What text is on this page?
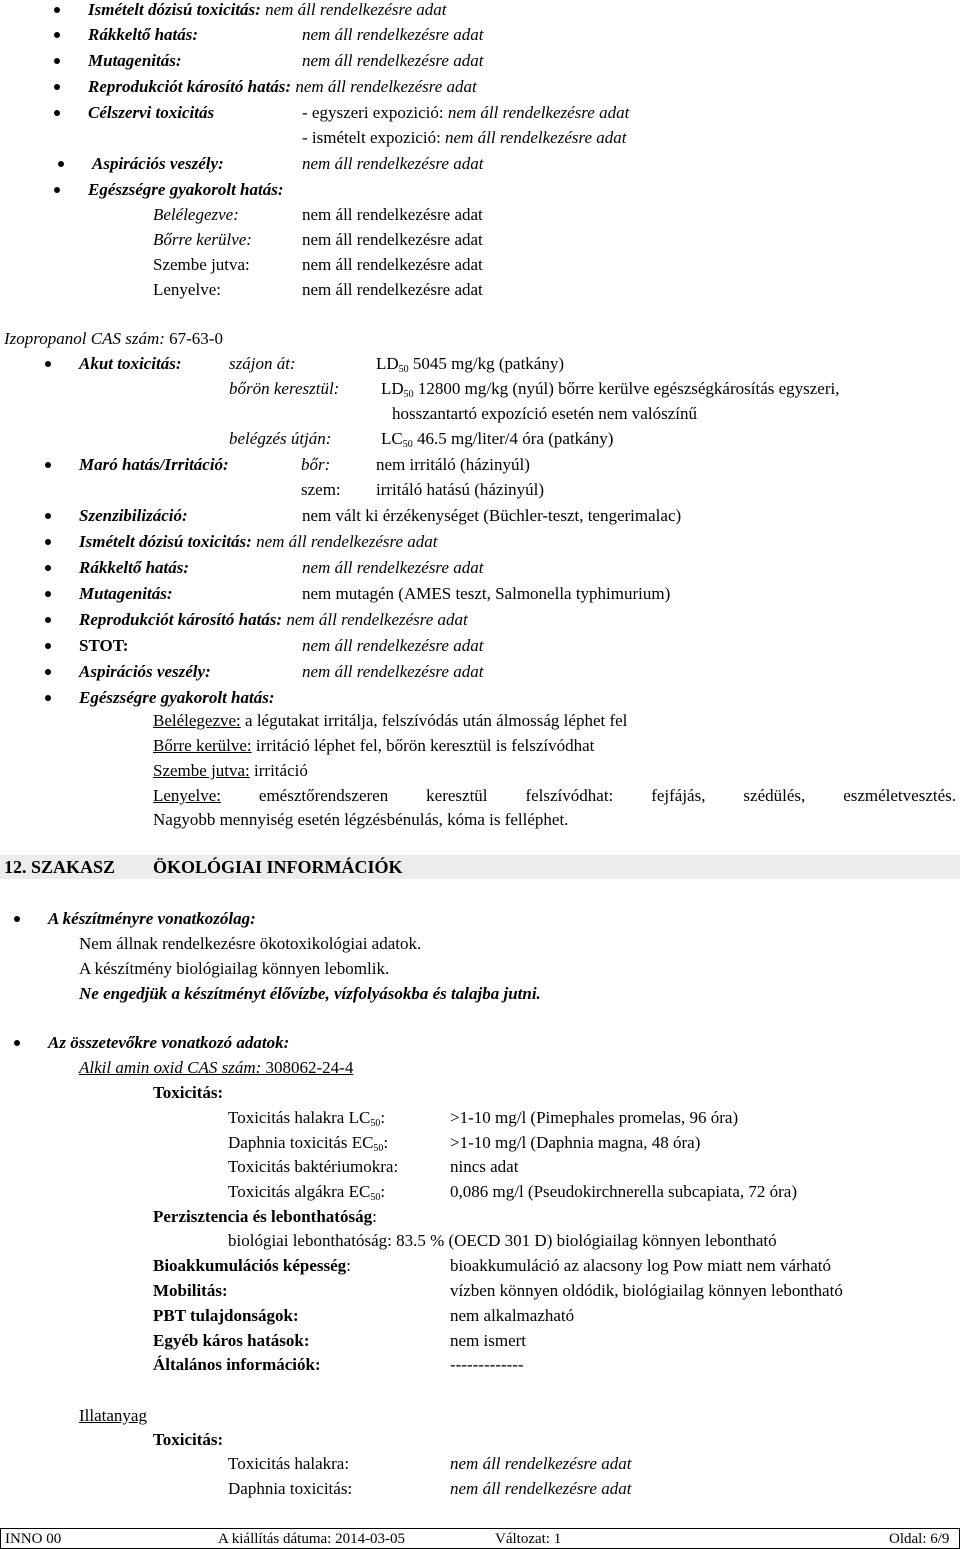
Ismételt dózisú toxicitás: nem áll rendelkezésre adat
Rákkeltő hatás:	nem áll rendelkezésre adat
Mutagenitás:	nem áll rendelkezésre adat
Reprodukciót károsító hatás: nem áll rendelkezésre adat
Célszervi toxicitás	- egyszeri expozició: nem áll rendelkezésre adat
- ismételt expozició: nem áll rendelkezésre adat
Aspirációs veszély:	nem áll rendelkezésre adat
Egészségre gyakorolt hatás:
Belélegezve:	nem áll rendelkezésre adat
Bőrre kerülve:	nem áll rendelkezésre adat
Szembe jutva:	nem áll rendelkezésre adat
Lenyelve:	nem áll rendelkezésre adat
Izopropanol CAS szám: 67-63-0
Akut toxicitás:	szájon át:	$LD_{50}$ 5045 mg/kg (patkány)
bőrön keresztül: $LD_{50}$ 12800 mg/kg (nyúl) bőrre kerülve egészségkárosítás egyszeri,
hosszantartó expozíció esetén nem valószínű
belégzés útján:	$LC_{50}$ 46.5 mg/liter/4 óra (patkány)
Maró hatás/Irritáció:	bőr:	nem irritáló (házinyúl)
szem: irritáló hatású (házinyúl)
Szenzibilizáció:	nem vált ki érzékenységet (Büchler-teszt, tengerimalac)
Ismételt dózisú toxicitás: nem áll rendelkezésre adat
Rákkeltő hatás:	nem áll rendelkezésre adat
Mutagenitás:	nem mutagén (AMES teszt, Salmonella typhimurium)
Reprodukciót károsító hatás: nem áll rendelkezésre adat
STOT:	nem áll rendelkezésre adat
Aspirációs veszély:	nem áll rendelkezésre adat
Egészségre gyakorolt hatás:
Belélegezve: a légutakat irritálja, felszívódás után álmosság léphet fel
Bőrre kerülve: irritáció léphet fel, bőrön keresztül is felszívódhat
Szembe jutva: irritáció
Lenyelve: emésztőrendszeren keresztül felszívódhat: fejfájás, szédülés, eszméletvesztés.
Nagyobb mennyiség esetén légzésbénulás, kóma is felléphet.
12. SZAKASZ ÖKOLÓGIAI INFORMÁCIÓK
A készítményre vonatkozólag:
Nem állnak rendelkezésre ökotoxikológiai adatok.
A készítmény biológiailag könnyen lebomlik.
Ne engedjük a készítményt élővízbe, vízfolyásokba és talajba jutni.
Az összetevőkre vonatkozó adatok:
Alkil amin oxid CAS szám: 308062-24-4
Toxicitás:
Toxicitás halakra $LC_{50}$:	>1-10 mg/l (Pimephales promelas, 96 óra)
Daphnia toxicitás $EC_{50}$:	>1-10 mg/l (Daphnia magna, 48 óra)
Toxicitás baktériumokra:	nincs adat
Toxicitás algákra $EC_{50}$:	0,086 mg/l (Pseudokirchnerella subcapiata, 72 óra)
Perzisztencia és lebonthatóság:
biológiai lebonthatóság: 83.5 % (OECD 301 D) biológiailag könnyen lebontható
Bioakkumulációs képesség:	bioakkumuláció az alacsony log Pow miatt nem várható
Mobilitás:	vízben könnyen oldódik, biológiailag könnyen lebontható
PBT tulajdonságok:	nem alkalmazható
Egyéb káros hatások:	nem ismert
Általános információk:	-------------
Illatanyag
Toxicitás:
Toxicitás halakra:	nem áll rendelkezésre adat
Daphnia toxicitás:	nem áll rendelkezésre adat
INNO 00	A kiállítás dátuma: 2014-03-05	Változat: 1	Oldal: 6/9
